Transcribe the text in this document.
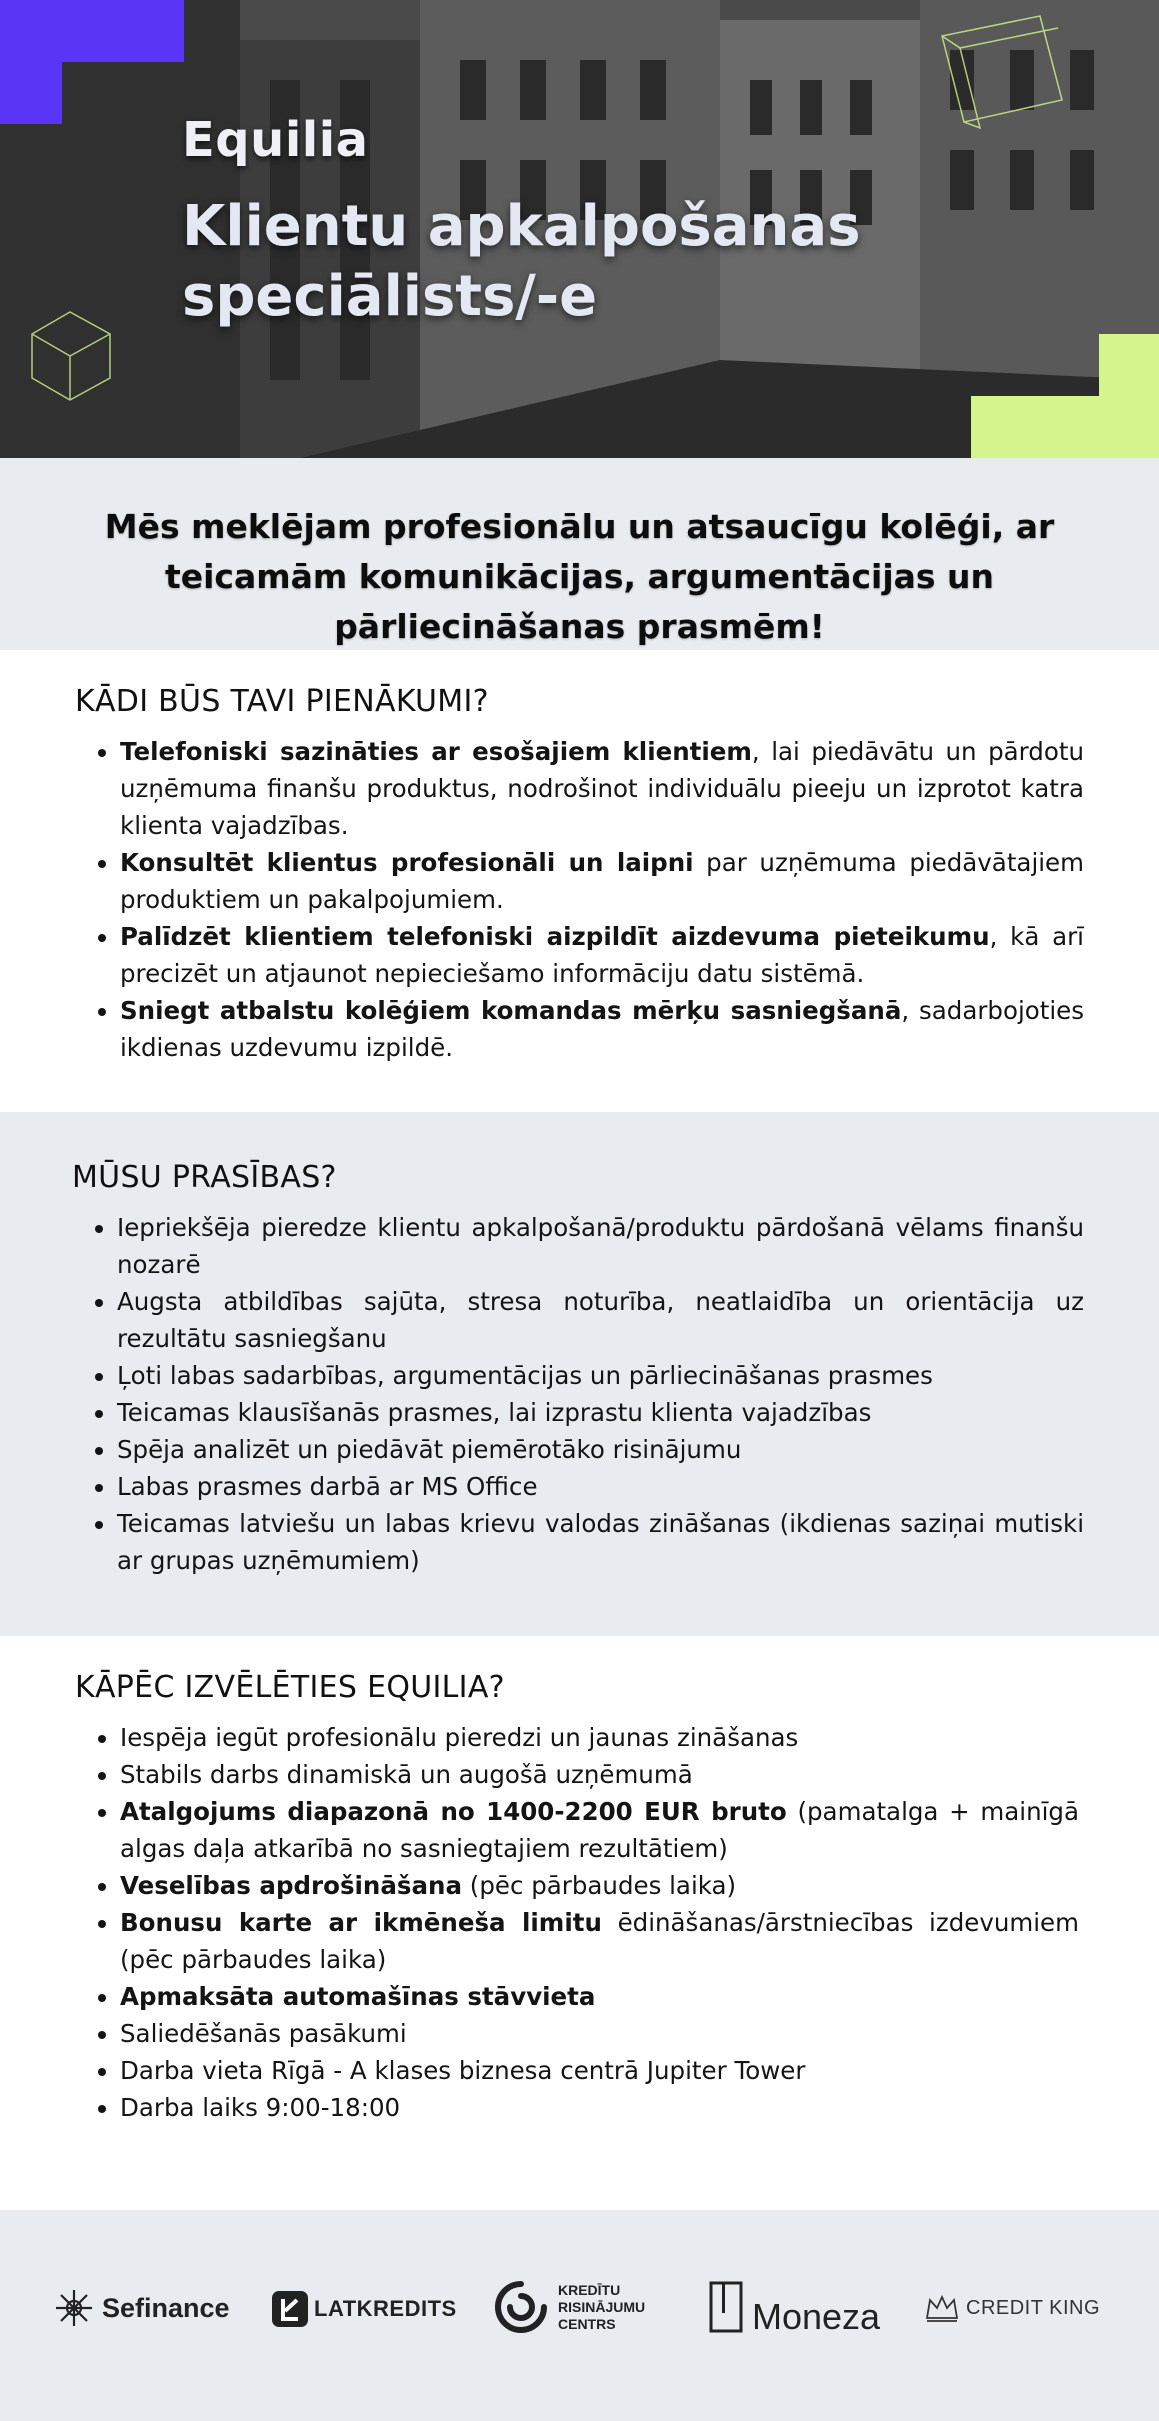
Equilia
Klientu apkalpošanas speciālists/-e

Mēs meklējam profesionālu un atsaucīgu kolēģi, ar teicamām komunikācijas, argumentācijas un pārliecināšanas prasmēm!

KĀDI BŪS TAVI PIENĀKUMI?
• Telefoniski sazināties ar esošajiem klientiem, lai piedāvātu un pārdotu uzņēmuma finanšu produktus, nodrošinot individuālu pieeju un izprotot katra klienta vajadzības.
• Konsultēt klientus profesionāli un laipni par uzņēmuma piedāvātajiem produktiem un pakalpojumiem.
• Palīdzēt klientiem telefoniski aizpildīt aizdevuma pieteikumu, kā arī precizēt un atjaunot nepieciešamo informāciju datu sistēmā.
• Sniegt atbalstu kolēģiem komandas mērķu sasniegšanā, sadarbojoties ikdienas uzdevumu izpildē.
MŪSU PRASĪBAS?
• Iepriekšēja pieredze klientu apkalpošanā/produktu pārdošanā vēlams finanšu nozarē
• Augsta atbildības sajūta, stresa noturība, neatlaidība un orientācija uz rezultātu sasniegšanu
• Ļoti labas sadarbības, argumentācijas un pārliecināšanas prasmes
• Teicamas klausīšanās prasmes, lai izprastu klienta vajadzības
• Spēja analizēt un piedāvāt piemērotāko risinājumu
• Labas prasmes darbā ar MS Office
• Teicamas latviešu un labas krievu valodas zināšanas (ikdienas saziņai mutiski ar grupas uzņēmumiem)
KĀPĒC IZVĒLĒTIES EQUILIA?
• Iespēja iegūt profesionālu pieredzi un jaunas zināšanas
• Stabils darbs dinamiskā un augošā uzņēmumā
• Atalgojums diapazonā no 1400-2200 EUR bruto (pamatalga + mainīgā algas daļa atkarībā no sasniegtajiem rezultātiem)
• Veselības apdrošināšana (pēc pārbaudes laika)
• Bonusu karte ar ikmēneša limitu ēdināšanas/ārstniecības izdevumiem (pēc pārbaudes laika)
• Apmaksāta automašīnas stāvvieta
• Saliedēšanās pasākumi
• Darba vieta Rīgā - A klases biznesa centrā Jupiter Tower
• Darba laiks 9:00-18:00
Sefinance	LATKREDITS
KREDĪTU
RISINĀJUMU
CENTRS	Moneza	CREDIT KING
